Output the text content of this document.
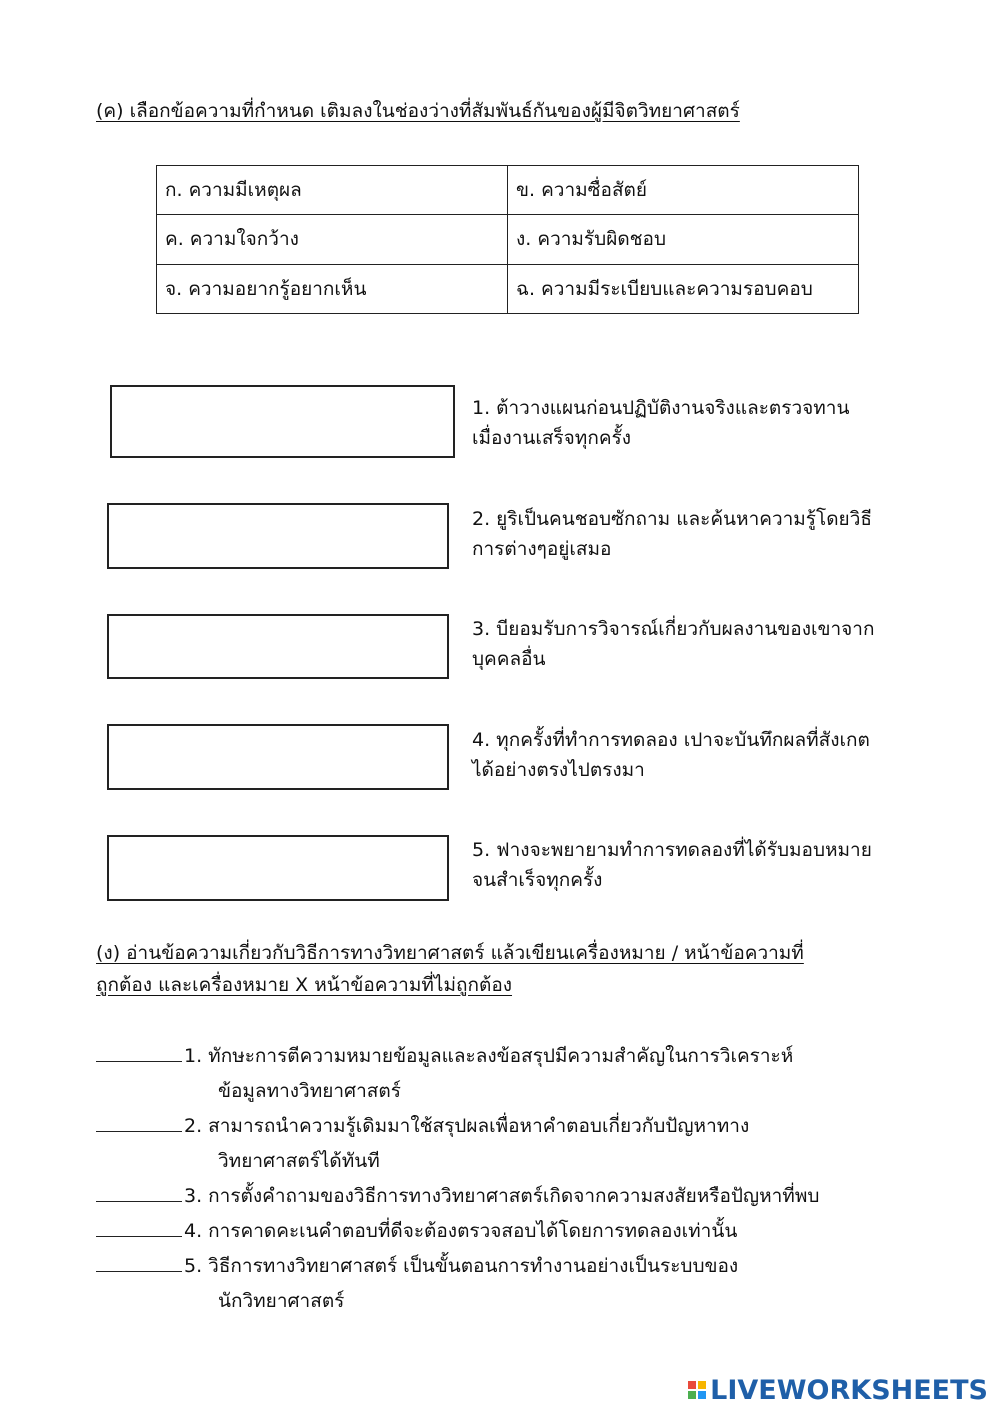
(ค) เลือกข้อความที่กำหนด เติมลงในช่องว่างที่สัมพันธ์กันของผู้มีจิตวิทยาศาสตร์
ก. ความมีเหตุผล	ข. ความซื่อสัตย์
ค. ความใจกว้าง	ง. ความรับผิดชอบ
จ. ความอยากรู้อยากเห็น	ฉ. ความมีระเบียบและความรอบคอบ
1. ต้าวางแผนก่อนปฏิบัติงานจริงและตรวจทาน
เมื่องานเสร็จทุกครั้ง
2. ยูริเป็นคนชอบซักถาม และค้นหาความรู้โดยวิธี
การต่างๆอยู่เสมอ
3. บียอมรับการวิจารณ์เกี่ยวกับผลงานของเขาจาก
บุคคลอื่น
4. ทุกครั้งที่ทำการทดลอง เปาจะบันทึกผลที่สังเกต
ได้อย่างตรงไปตรงมา
5. ฟางจะพยายามทำการทดลองที่ได้รับมอบหมาย
จนสำเร็จทุกครั้ง
(ง) อ่านข้อความเกี่ยวกับวิธีการทางวิทยาศาสตร์ แล้วเขียนเครื่องหมาย / หน้าข้อความที่
ถูกต้อง และเครื่องหมาย X หน้าข้อความที่ไม่ถูกต้อง
1. ทักษะการตีความหมายข้อมูลและลงข้อสรุปมีความสำคัญในการวิเคราะห์
ข้อมูลทางวิทยาศาสตร์
2. สามารถนำความรู้เดิมมาใช้สรุปผลเพื่อหาคำตอบเกี่ยวกับปัญหาทาง
วิทยาศาสตร์ได้ทันที
3. การตั้งคำถามของวิธีการทางวิทยาศาสตร์เกิดจากความสงสัยหรือปัญหาที่พบ
4. การคาดคะเนคำตอบที่ดีจะต้องตรวจสอบได้โดยการทดลองเท่านั้น
5. วิธีการทางวิทยาศาสตร์ เป็นขั้นตอนการทำงานอย่างเป็นระบบของ
นักวิทยาศาสตร์
LIVEWORKSHEETS
